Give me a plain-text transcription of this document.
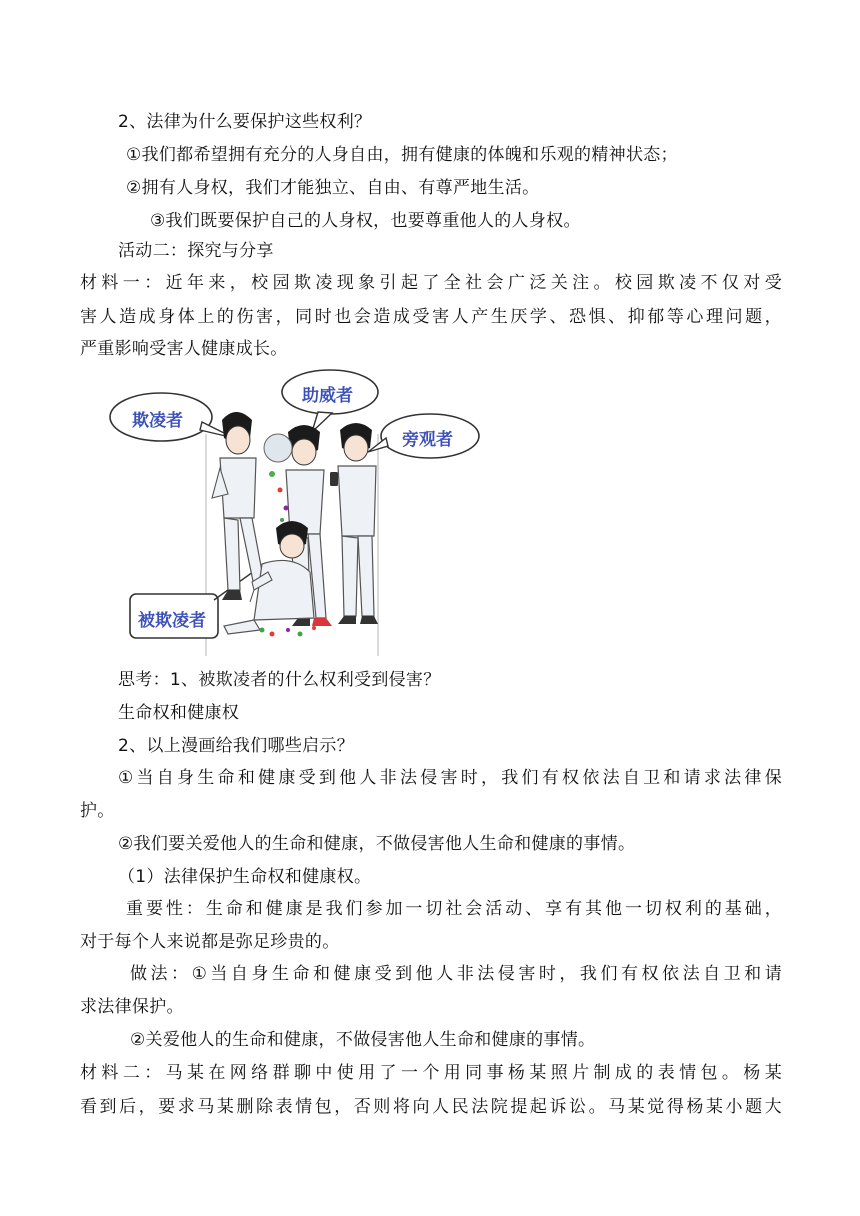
2、法律为什么要保护这些权利？
①我们都希望拥有充分的人身自由，拥有健康的体魄和乐观的精神状态；
②拥有人身权，我们才能独立、自由、有尊严地生活。
③我们既要保护自己的人身权，也要尊重他人的人身权。
活动二：探究与分享
材料一：近年来，校园欺凌现象引起了全社会广泛关注。校园欺凌不仅对受
害人造成身体上的伤害，同时也会造成受害人产生厌学、恐惧、抑郁等心理问题，
严重影响受害人健康成长。
欺凌者
助威者
旁观者
被欺凌者
思考：1、被欺凌者的什么权利受到侵害？
生命权和健康权
2、以上漫画给我们哪些启示？
①当自身生命和健康受到他人非法侵害时，我们有权依法自卫和请求法律保
护。
②我们要关爱他人的生命和健康，不做侵害他人生命和健康的事情。
（1）法律保护生命权和健康权。
重要性：生命和健康是我们参加一切社会活动、享有其他一切权利的基础，
对于每个人来说都是弥足珍贵的。
做法：①当自身生命和健康受到他人非法侵害时，我们有权依法自卫和请
求法律保护。
②关爱他人的生命和健康，不做侵害他人生命和健康的事情。
材料二：马某在网络群聊中使用了一个用同事杨某照片制成的表情包。杨某
看到后，要求马某删除表情包，否则将向人民法院提起诉讼。马某觉得杨某小题大
